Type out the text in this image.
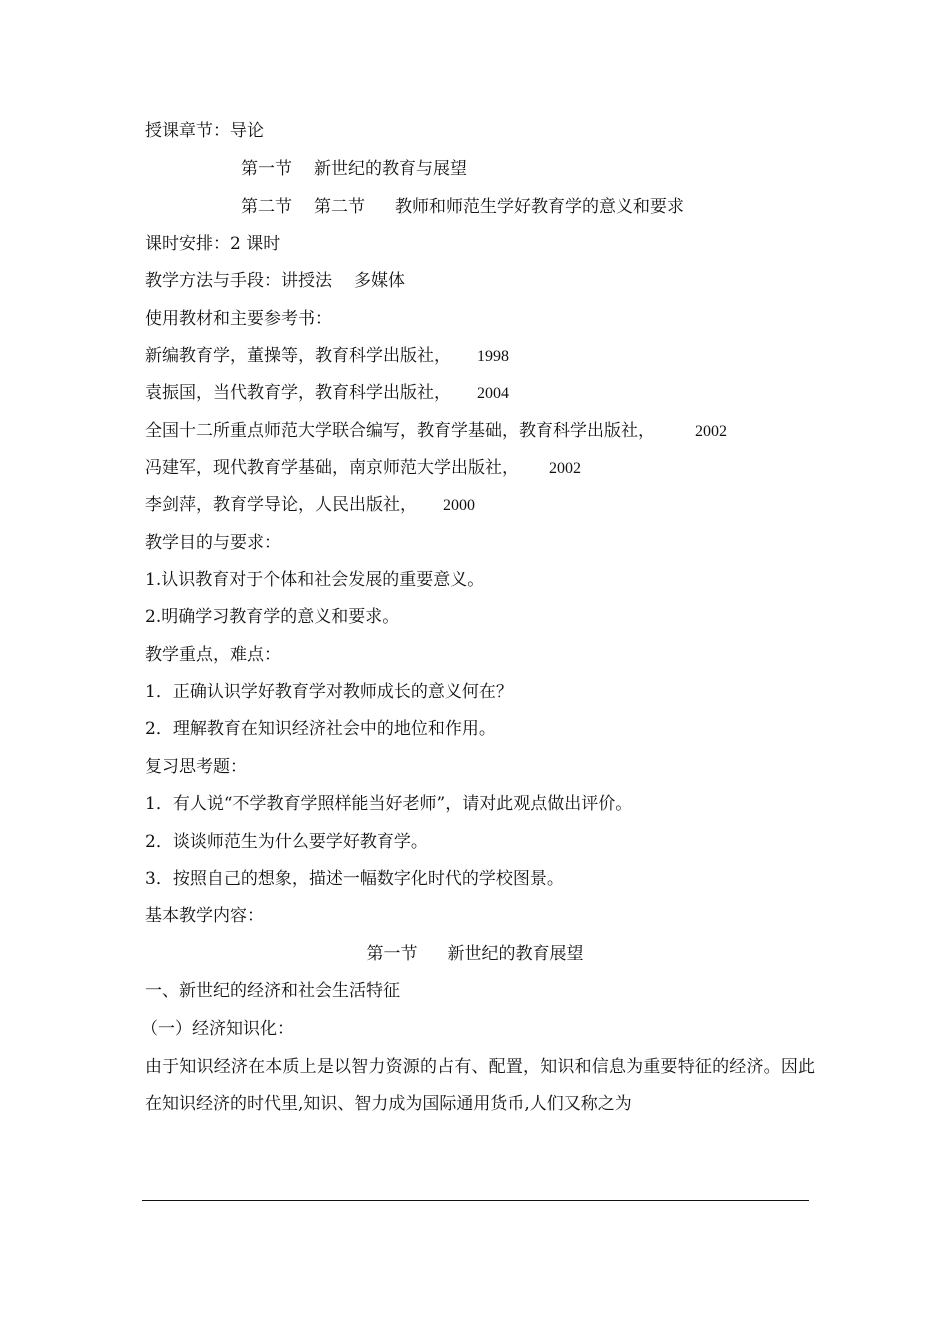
授课章节：导论
第一节 新世纪的教育与展望
第二节 第二节 教师和师范生学好教育学的意义和要求
课时安排：2 课时
教学方法与手段：讲授法 多媒体
使用教材和主要参考书：
新编教育学，董操等，教育科学出版社， 1998
袁振国，当代教育学，教育科学出版社， 2004
全国十二所重点师范大学联合编写，教育学基础，教育科学出版社，	2002
冯建军，现代教育学基础，南京师范大学出版社， 2002
李剑萍，教育学导论，人民出版社， 2000
教学目的与要求：
1.认识教育对于个体和社会发展的重要意义。
2.明确学习教育学的意义和要求。
教学重点，难点：
1．正确认识学好教育学对教师成长的意义何在？
2．理解教育在知识经济社会中的地位和作用。
复习思考题：
1．有人说“不学教育学照样能当好老师”，请对此观点做出评价。
2．谈谈师范生为什么要学好教育学。
3．按照自己的想象，描述一幅数字化时代的学校图景。
基本教学内容：
第一节 新世纪的教育展望
一、新世纪的经济和社会生活特征
（一）经济知识化：
由于知识经济在本质上是以智力资源的占有、配置，知识和信息为重要特征的经济。因此在知识经济的时代里,知识、智力成为国际通用货币,人们又称之为
